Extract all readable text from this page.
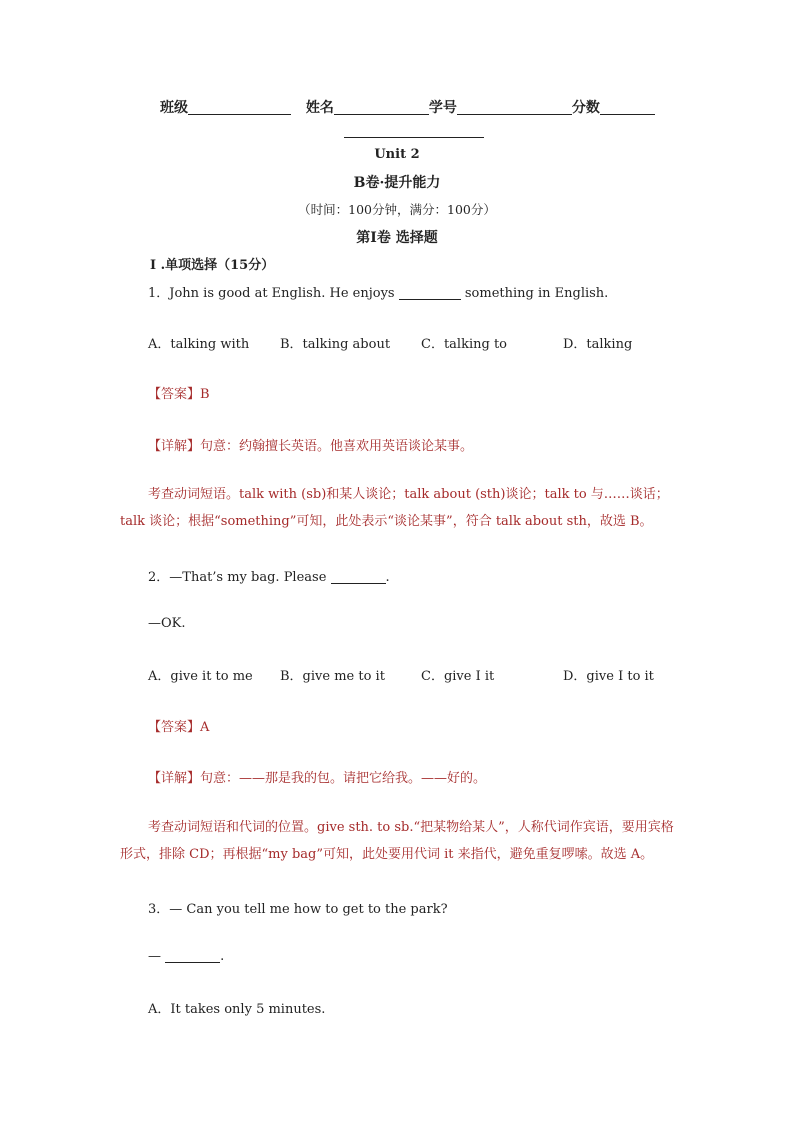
班级	姓名	学号	分数
Unit 2
B卷·提升能力
（时间：100分钟，满分：100分）
第I卷 选择题
I .单项选择（15分）
1．John is good at English. He enjoys	something in English.
A．talking with B．talking about C．talking to	D．talking
【答案】B
【详解】句意：约翰擅长英语。他喜欢用英语谈论某事。
考查动词短语。talk with (sb)和某人谈论；talk about (sth)谈论；talk to 与……谈话；talk 谈论；根据“something”可知，此处表示“谈论某事”，符合 talk about sth，故选 B。
2．—That’s my bag. Please	.
—OK.
A．give it to me B．give me to it	C．give I it	D．give I to it
【答案】A
【详解】句意：——那是我的包。请把它给我。——好的。
考查动词短语和代词的位置。give sth. to sb.“把某物给某人”，人称代词作宾语，要用宾格形式，排除 CD；再根据“my bag”可知，此处要用代词 it 来指代，避免重复啰嗦。故选 A。
3．— Can you tell me how to get to the park?
—	.
A．It takes only 5 minutes.
